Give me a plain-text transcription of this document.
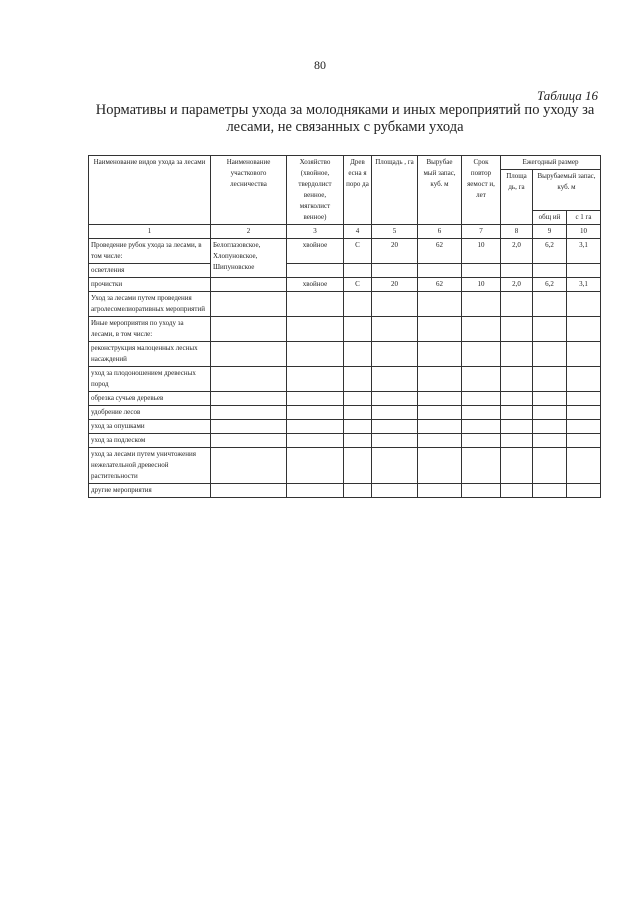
80
Таблица 16
Нормативы и параметры ухода за молодняками и иных мероприятий по уходу за лесами, не связанных с рубками ухода
Наименование видов ухода за лесами	Наименование участкового лесничества	Хозяйство (хвойное, твердолист венное, мягколист венное)	Древ есна я поро да	Площадь , га	Вырубае мый запас, куб. м	Срок повтор яемост и, лет	Ежегодный размер		
							Площа дь, га	Вырубаемый запас, куб. м	
								общ ий	с 1 га
1	2	3	4	5	6	7	8	9	10
Проведение рубок ухода за лесами, в том числе:	Белоглазовское, Хлопуновское, Шипуновское	хвойное	С	20	62	10	2,0	6,2	3,1
осветления									
прочистки		хвойное	С	20	62	10	2,0	6,2	3,1
Уход за лесами путем проведения агролесомелиоративных мероприятий									
Иные мероприятия по уходу за лесами, в том числе:									
реконструкция малоценных лесных насаждений									
уход за плодоношением древесных пород									
обрезка сучьев деревьев									
удобрение лесов									
уход за опушками									
уход за подлеском									
уход за лесами путем уничтожения нежелательной древесной растительности									
другие мероприятия									
